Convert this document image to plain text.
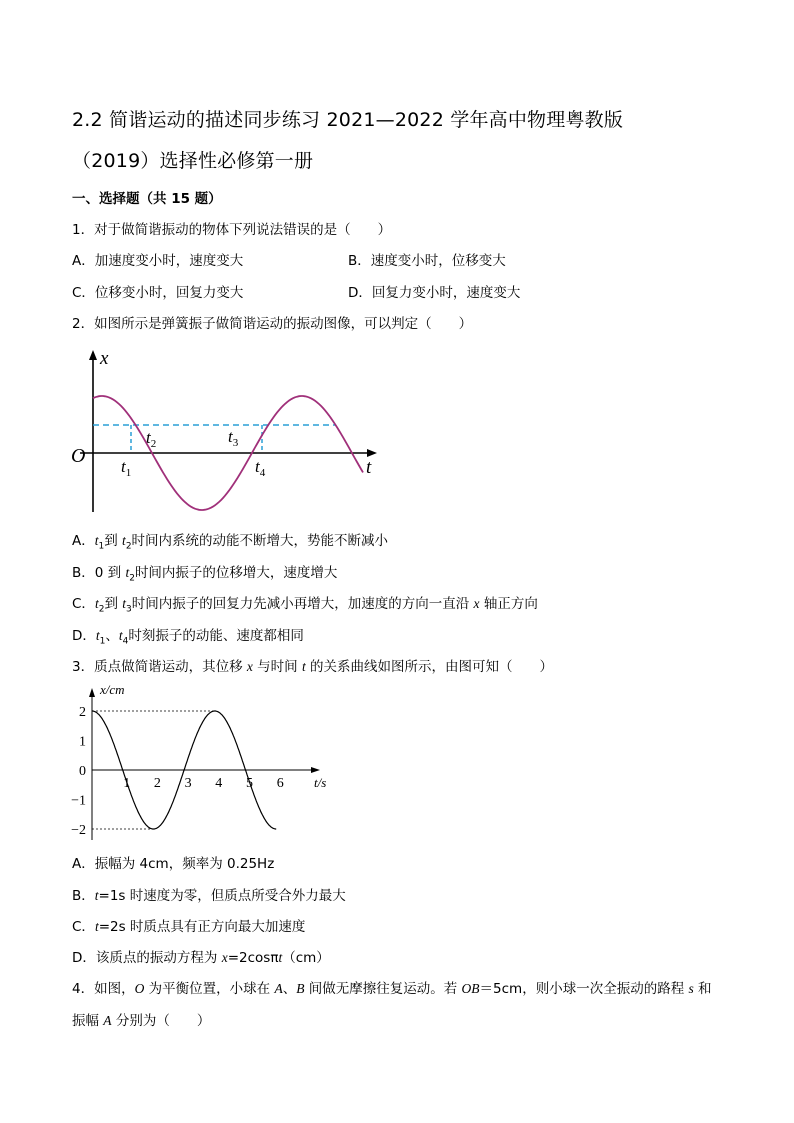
2.2 简谐运动的描述同步练习 2021—2022 学年高中物理粤教版
（2019）选择性必修第一册
一、选择题（共 15 题）
1．对于做简谐振动的物体下列说法错误的是（　　）
A．加速度变小时，速度变大	B．速度变小时，位移变大
C．位移变小时，回复力变大	D．回复力变小时，速度变大
2．如图所示是弹簧振子做简谐运动的振动图像，可以判定（　　）
x
O
t
$t_1$
$t_2$	$t_3$
$t_4$
A．$t_1$到 $t_2$时间内系统的动能不断增大，势能不断减小
B．0 到 $t_2$时间内振子的位移增大，速度增大
C．$t_2$到 $t_3$时间内振子的回复力先减小再增大，加速度的方向一直沿 x 轴正方向
D．$t_1$、$t_4$时刻振子的动能、速度都相同
3．质点做简谐运动，其位移 x 与时间 t 的关系曲线如图所示，由图可知（　　）
x/cm
t/s
2
1
0
−1
−2
1 2 3 4 5 6
A．振幅为 4cm，频率为 0.25Hz
B．t=1s 时速度为零，但质点所受合外力最大
C．t=2s 时质点具有正方向最大加速度
D．该质点的振动方程为 x=2cosπt（cm）
4．如图，O 为平衡位置，小球在 A、B 间做无摩擦往复运动。若 OB＝5cm，则小球一次全振动的路程 s 和
振幅 A 分别为（　　）
